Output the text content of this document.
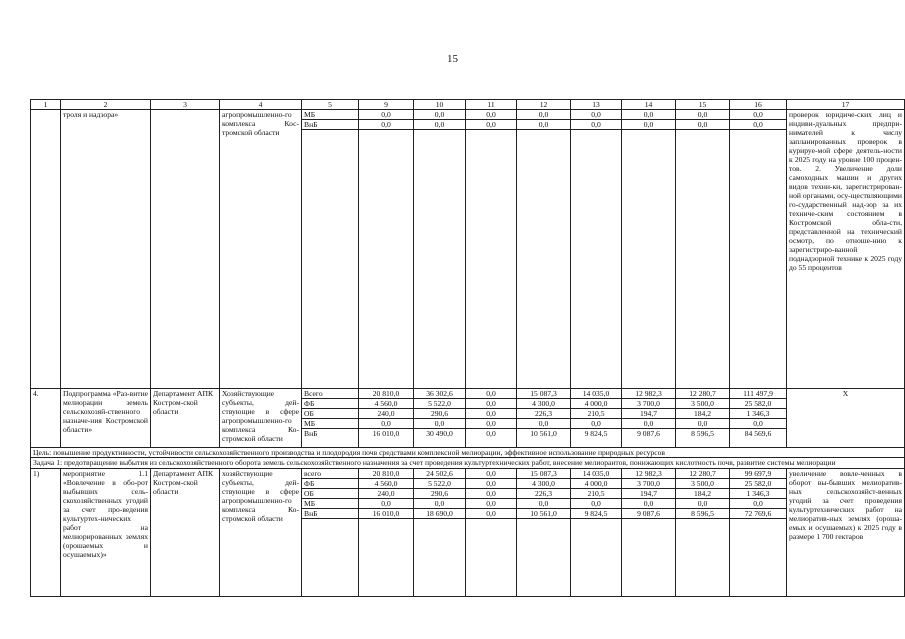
15
1	2	3	4	5	9	10	11	12	13	14	15	16	17
	троля и надзора»		агропромышленно-го комплекса Кос-тромской области	МБ	0,0	0,0	0,0	0,0	0,0	0,0	0,0	0,0	проверок юридиче-ских лиц и индиви-дуальных предпри-нимателей к числу запланированных проверок в курируе-мой сфере деятель-ности к 2025 году на уровне 100 процен-тов. 2. Увеличение доли самоходных машин и других видов техни-ки, зарегистрирован-ной органами, осу-ществляющими го-сударственный над-зор за их техниче-ским состоянием в Костромской обла-сти, представленной на технический осмотр, по отноше-нию к зарегистриро-ванной поднадзорной технике к 2025 году до 55 процентов
				ВнБ	0,0	0,0	0,0	0,0	0,0	0,0	0,0	0,0	

4.	Подпрограмма «Раз-витие мелиорации земель сельскохозяй-ственного назначе-ния Костромской области»	Департамент АПК Костром-ской области	Хозяйствующие субъекты, дей-ствующие в сфере агропромышленно-го комплекса Ко-стромской области	Всего	20 810,0	36 302,6	0,0	15 087,3	14 035,0	12 982,3	12 280,7	111 497,9	Х
				ФБ	4 560,0	5 522,0	0,0	4 300,0	4 000,0	3 700,0	3 500,0	25 582,0	
				ОБ	240,0	290,6	0,0	226,3	210,5	194,7	184,2	1 346,3	
				МБ	0,0	0,0	0,0	0,0	0,0	0,0	0,0	0,0	
				ВнБ	16 010,0	30 490,0	0,0	10 561,0	9 824,5	9 087,6	8 596,5	84 569,6	
Цель: повышение продуктивности, устойчивости сельскохозяйственного производства и плодородия почв средствами комплексной мелиорации, эффективное использование природных ресурсов													
Задача 1: предотвращение выбытия из сельскохозяйственного оборота земель сельскохозяйственного назначения за счет проведения культуртехнических работ, внесение мелиорантов, понижающих кислотность почв, развитие системы мелиорации													
1)	мероприятие 1.1 «Вовлечение в обо-рот выбывших сель-скохозяйственных угодий за счет про-ведения культуртех-нических работ на мелиорированных землях (орошаемых и осушаемых)»	Департамент АПК Костром-ской области	хозяйствующие субъекты, дей-ствующие в сфере агропромышленно-го комплекса Ко-стромской области	всего	20 810,0	24 502,6	0,0	15 087,3	14 035,0	12 982,3	12 280,7	99 697,9	увеличение вовле-ченных в оборот вы-бывших мелиоратив-ных сельскохозяйст-венных угодий за счет проведения культуртехнических работ на мелиоратив-ных землях (ороша-емых и осушаемых) к 2025 году в размере 1 700 гектаров
				ФБ	4 560,0	5 522,0	0,0	4 300,0	4 000,0	3 700,0	3 500,0	25 582,0	
				ОБ	240,0	290,6	0,0	226,3	210,5	194,7	184,2	1 346,3	
				МБ	0,0	0,0	0,0	0,0	0,0	0,0	0,0	0,0	
				ВнБ	16 010,0	18 690,0	0,0	10 561,0	9 824,5	9 087,6	8 596,5	72 769,6	
